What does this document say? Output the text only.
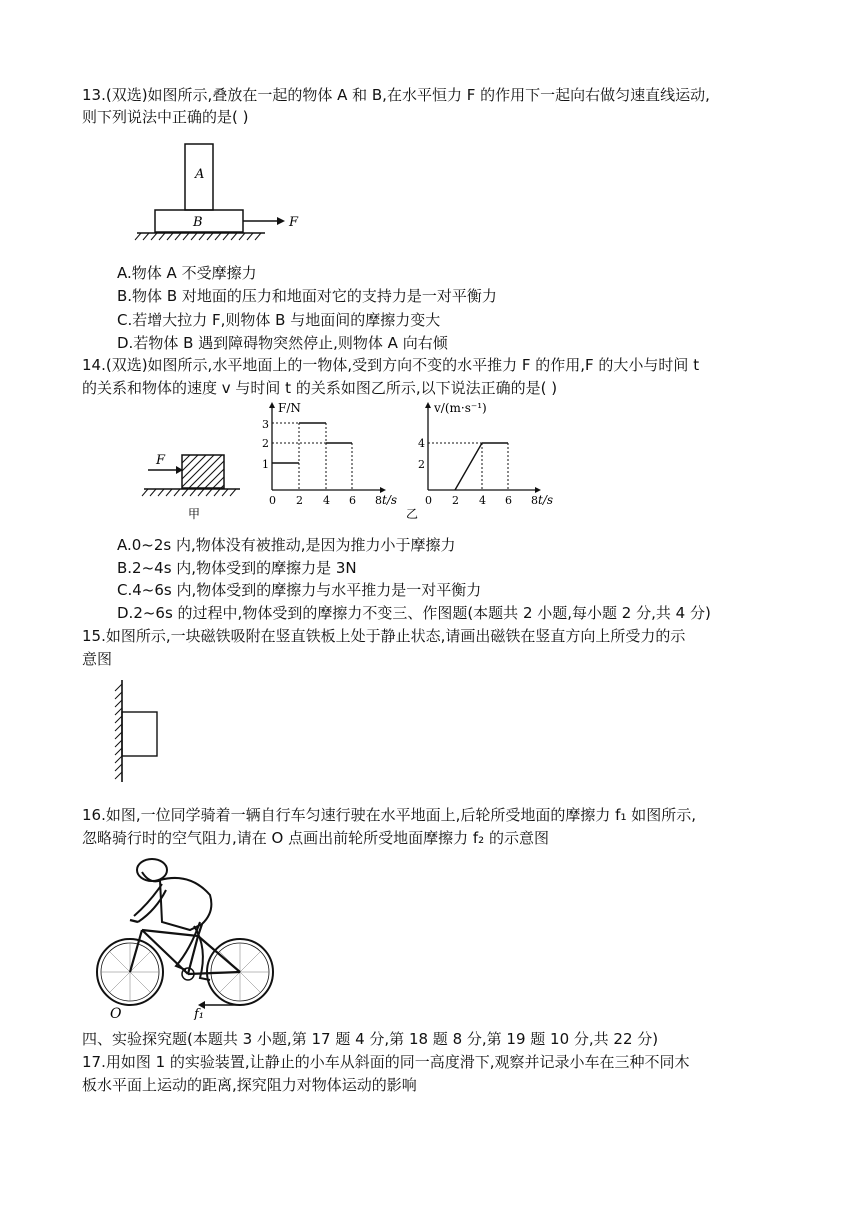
13.(双选)如图所示,叠放在一起的物体 A 和 B,在水平恒力 F 的作用下一起向右做匀速直线运动,
则下列说法中正确的是( )
A
B	F
A.物体 A 不受摩擦力
B.物体 B 对地面的压力和地面对它的支持力是一对平衡力
C.若增大拉力 F,则物体 B 与地面间的摩擦力变大
D.若物体 B 遇到障碍物突然停止,则物体 A 向右倾
14.(双选)如图所示,水平地面上的一物体,受到方向不变的水平推力 F 的作用,F 的大小与时间 t
的关系和物体的速度 v 与时间 t 的关系如图乙所示,以下说法正确的是( )
F
甲
F/N
1
2
3
0 2 4 6 8 t/s
乙
v/(m·s⁻¹)
2
4
0 2 4 6 8 t/s
A.0~2s 内,物体没有被推动,是因为推力小于摩擦力
B.2~4s 内,物体受到的摩擦力是 3N
C.4~6s 内,物体受到的摩擦力与水平推力是一对平衡力
D.2~6s 的过程中,物体受到的摩擦力不变三、作图题(本题共 2 小题,每小题 2 分,共 4 分)
15.如图所示,一块磁铁吸附在竖直铁板上处于静止状态,请画出磁铁在竖直方向上所受力的示
意图
16.如图,一位同学骑着一辆自行车匀速行驶在水平地面上,后轮所受地面的摩擦力 f₁ 如图所示,
忽略骑行时的空气阻力,请在 O 点画出前轮所受地面摩擦力 f₂ 的示意图
O	f₁
四、实验探究题(本题共 3 小题,第 17 题 4 分,第 18 题 8 分,第 19 题 10 分,共 22 分)
17.用如图 1 的实验装置,让静止的小车从斜面的同一高度滑下,观察并记录小车在三种不同木
板水平面上运动的距离,探究阻力对物体运动的影响
